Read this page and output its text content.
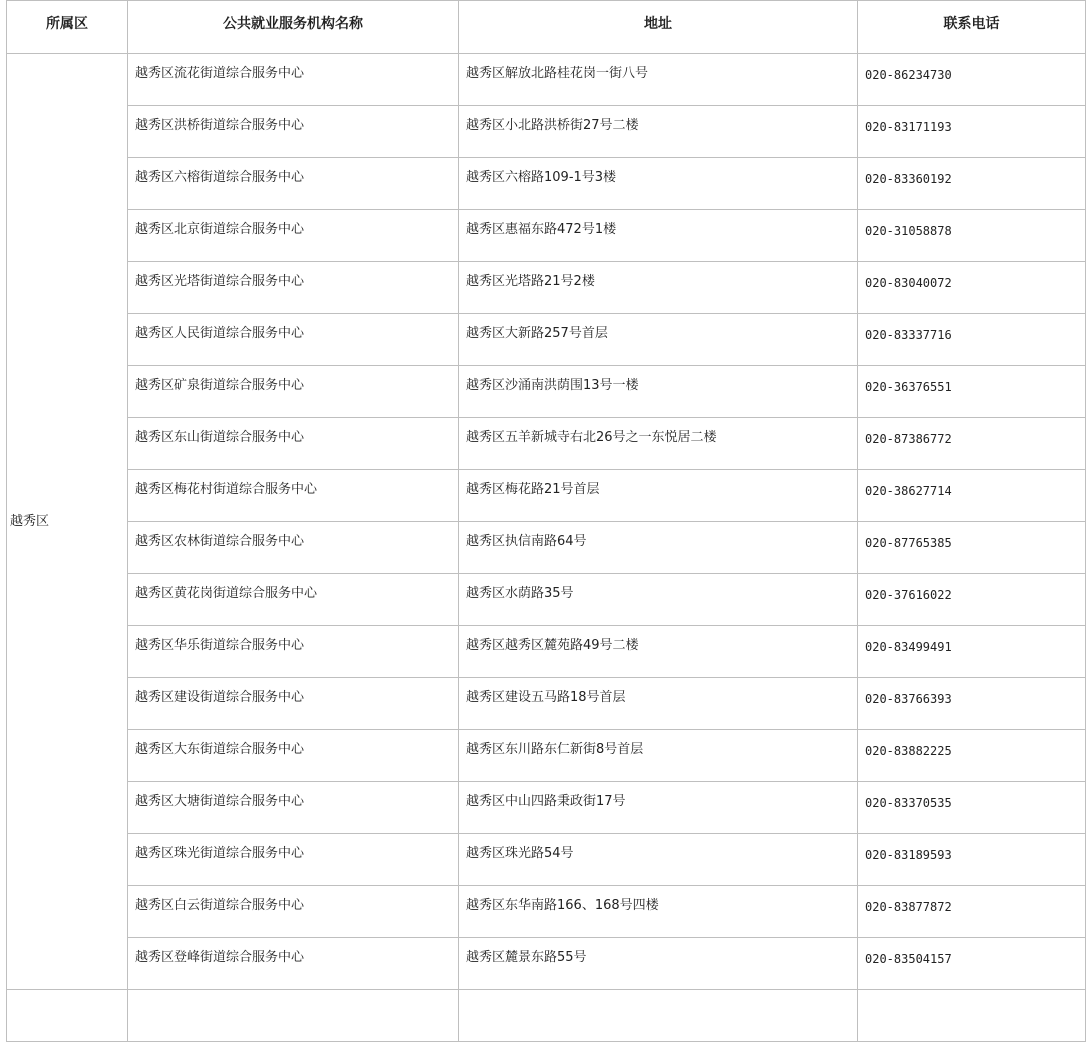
所属区	公共就业服务机构名称	地址	联系电话
越秀区	越秀区流花街道综合服务中心	越秀区解放北路桂花岗一街八号	020-86234730
	越秀区洪桥街道综合服务中心	越秀区小北路洪桥街27号二楼	020-83171193
	越秀区六榕街道综合服务中心	越秀区六榕路109-1号3楼	020-83360192
	越秀区北京街道综合服务中心	越秀区惠福东路472号1楼	020-31058878
	越秀区光塔街道综合服务中心	越秀区光塔路21号2楼	020-83040072
	越秀区人民街道综合服务中心	越秀区大新路257号首层	020-83337716
	越秀区矿泉街道综合服务中心	越秀区沙涌南洪荫围13号一楼	020-36376551
	越秀区东山街道综合服务中心	越秀区五羊新城寺右北26号之一东悦居二楼	020-87386772
	越秀区梅花村街道综合服务中心	越秀区梅花路21号首层	020-38627714
	越秀区农林街道综合服务中心	越秀区执信南路64号	020-87765385
	越秀区黄花岗街道综合服务中心	越秀区水荫路35号	020-37616022
	越秀区华乐街道综合服务中心	越秀区越秀区麓苑路49号二楼	020-83499491
	越秀区建设街道综合服务中心	越秀区建设五马路18号首层	020-83766393
	越秀区大东街道综合服务中心	越秀区东川路东仁新街8号首层	020-83882225
	越秀区大塘街道综合服务中心	越秀区中山四路秉政街17号	020-83370535
	越秀区珠光街道综合服务中心	越秀区珠光路54号	020-83189593
	越秀区白云街道综合服务中心	越秀区东华南路166、168号四楼	020-83877872
	越秀区登峰街道综合服务中心	越秀区麓景东路55号	020-83504157
